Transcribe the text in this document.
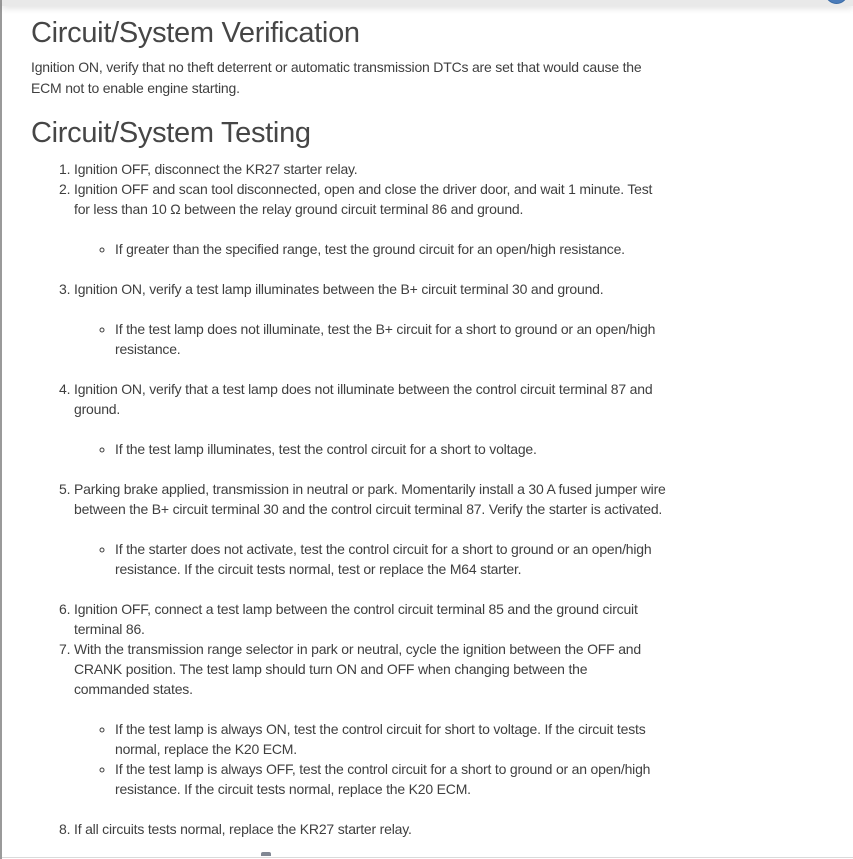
Circuit/System Verification

Ignition ON, verify that no theft deterrent or automatic transmission DTCs are set that would cause the ECM not to enable engine starting.

Circuit/System Testing
1. Ignition OFF, disconnect the KR27 starter relay.
2. Ignition OFF and scan tool disconnected, open and close the driver door, and wait 1 minute. Test for less than 10 Ω between the relay ground circuit terminal 86 and ground.
◦ If greater than the specified range, test the ground circuit for an open/high resistance.
3. Ignition ON, verify a test lamp illuminates between the B+ circuit terminal 30 and ground.
◦ If the test lamp does not illuminate, test the B+ circuit for a short to ground or an open/high resistance.
4. Ignition ON, verify that a test lamp does not illuminate between the control circuit terminal 87 and ground.
◦ If the test lamp illuminates, test the control circuit for a short to voltage.
5. Parking brake applied, transmission in neutral or park. Momentarily install a 30 A fused jumper wire between the B+ circuit terminal 30 and the control circuit terminal 87. Verify the starter is activated.
◦ If the starter does not activate, test the control circuit for a short to ground or an open/high resistance. If the circuit tests normal, test or replace the M64 starter.
6. Ignition OFF, connect a test lamp between the control circuit terminal 85 and the ground circuit terminal 86.
7. With the transmission range selector in park or neutral, cycle the ignition between the OFF and CRANK position. The test lamp should turn ON and OFF when changing between the commanded states.
◦ If the test lamp is always ON, test the control circuit for short to voltage. If the circuit tests normal, replace the K20 ECM.
◦ If the test lamp is always OFF, test the control circuit for a short to ground or an open/high resistance. If the circuit tests normal, replace the K20 ECM.
8. If all circuits tests normal, replace the KR27 starter relay.
